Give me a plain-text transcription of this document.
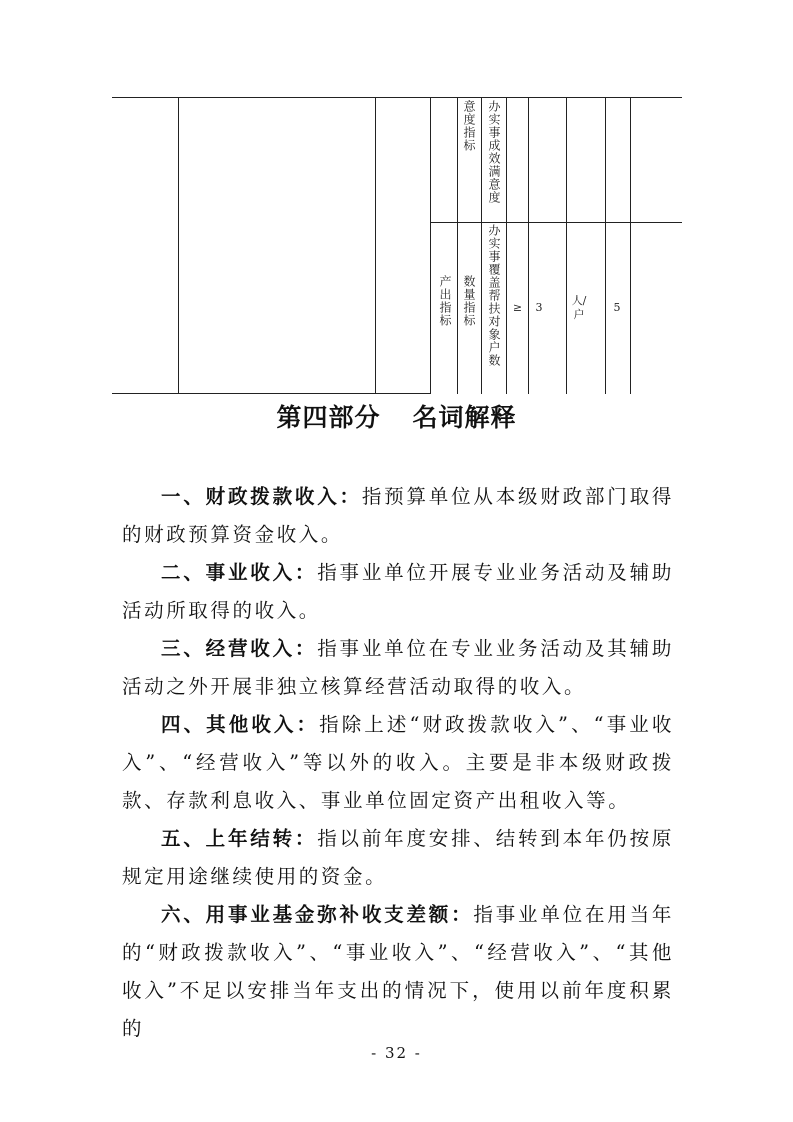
意度指标 办实事成效满意度
产出指标 数量指标 办实事覆盖帮扶对象户数	≥	3
人/户
5
第四部分 名词解释

一、财政拨款收入：指预算单位从本级财政部门取得的财政预算资金收入。

二、事业收入：指事业单位开展专业业务活动及辅助活动所取得的收入。

三、经营收入：指事业单位在专业业务活动及其辅助活动之外开展非独立核算经营活动取得的收入。

四、其他收入：指除上述“财政拨款收入”、“事业收入”、“经营收入”等以外的收入。主要是非本级财政拨款、存款利息收入、事业单位固定资产出租收入等。

五、上年结转：指以前年度安排、结转到本年仍按原规定用途继续使用的资金。

六、用事业基金弥补收支差额：指事业单位在用当年的“财政拨款收入”、“事业收入”、“经营收入”、“其他收入”不足以安排当年支出的情况下，使用以前年度积累的

- 32 -
